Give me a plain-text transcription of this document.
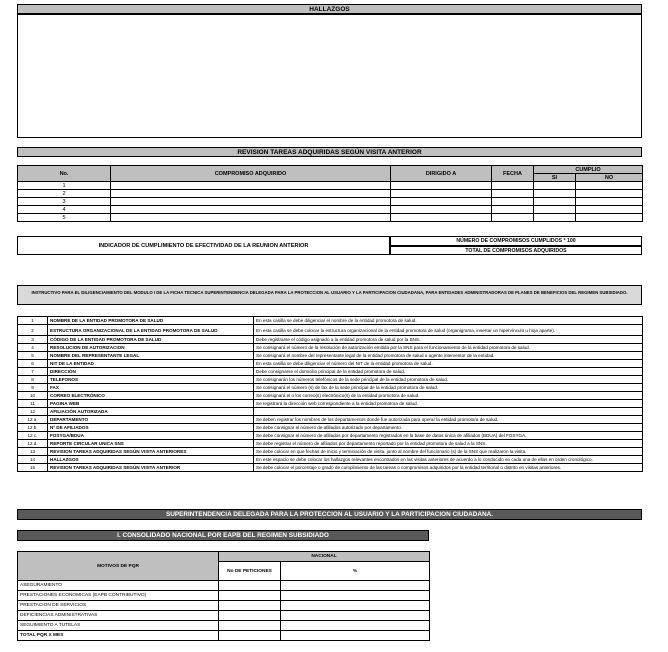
HALLAZGOS
REVISION TAREAS ADQUIRIDAS SEGÚN VISITA ANTERIOR
No.	COMPROMISO ADQUIRIDO	DIRIGIDO A	FECHA	CUMPLIO	
				SI	NO
1					
2					
3					
4					
5					
INDICADOR DE CUMPLIMIENTO DE EFECTIVIDAD DE LA REUNION ANTERIOR
NÚMERO DE COMPROMISOS CUMPLIDOS * 100
TOTAL DE COMPROMISOS ADQUIRIDOS
INSTRUCTIVO PARA EL DILIGENCIAMIENTO DEL MODULO I DE LA FICHA TECNICA SUPERINTENDENCIA DELEGADA PARA LA PROTECCION AL USUARIO Y LA PARTICIPACION CIUDADANA, PARA ENTIDADES ADMINISTRADORAS DE PLANES DE BENEFICIOS DEL REGIMEN SUBSIDIADO.
1	NOMBRE DE LA ENTIDAD PROMOTORA DE SALUD	En esta casilla se debe diligenciar el nombre de la entidad promotora de salud.
2	ESTRUCTURA ORGANIZACIONAL DE LA ENTIDAD PROMOTORA DE SALUD	En esta casilla se debe colocar la estructura organizacional de la entidad promotora de salud (organigrama, insertar un hipervínculo u hoja aparte).
3	CÓDIGO DE LA ENTIDAD PROMOTORA DE SALUD	Debe registrarse el código asignado a la entidad promotora de salud por la SNS.
4	RESOLUCION DE AUTORIZACION	Se consignará el número de la resolución de autorización emitida por la SNS para el funcionamiento de la entidad promotora de salud.
5	NOMBRE DEL REPRESENTANTE LEGAL	Se consignará el nombre del representante legal de la entidad promotora de salud o agente interventor de la entidad.
6	NIT DE LA ENTIDAD	En esta casilla se debe diligenciar el número del NIT de la entidad promotora de salud.
7	DIRECCIÓN	Debe consignarse el domicilio principal de la entidad promotora de salud.
8	TELEFONOS	Se consignarán los números telefónicos de la sede principal de la entidad promotora de salud.
9	FAX	Se consignará el número (s) de fax de la sede principal de la entidad promotora de salud.
10	CORREO ELECTRÓNICO	Se consignará el o los correo(s) electrónico(s) de la entidad promotora de salud.
11	PAGINA WEB	Se registrará la dirección web correspondiente a la entidad promotora de salud.
12	AFILIACIÓN AUTORIZADA	
12 a.	DEPARTAMENTO	Se deben registrar los nombres de los departamentos donde fue autorizada para operar la entidad promotora de salud.
12 b.	Nº DE AFILIADOS	Se debe consignar el número de afiliados autorizado por departamento.
12 c.	FOSYGA/BDUA	Se debe consignar el número de afiliados por departamento registrados en la base de datos única de afiliados (BDUA) del FOSYGA.
12 d.	REPORTE CIRCULAR UNICA SNS	Se debe registrar el número de afiliados por departamento reportado por la entidad promotora de salud a la SNS.
13	REVISION TAREAS ADQUIRIDAS SEGÚN VISITA ANTERIORES	Se debe colocar en que fechas de inicio y terminación de visita, junto al nombre del funcionario (s) de la SNS que realizaron la visita.
14	HALLAZGOS	En este espacio se debe colocar los hallazgos relevantes encontrados en las visitas anteriores de acuerdo a lo conducido en cada una de ellas en orden cronológico.
15	REVISION TAREAS ADQUIRIDAS SEGÚN VISITA ANTERIOR	Se debe colocar el porcentaje o grado de cumplimiento de las tareas o compromisos adquiridos por la entidad territorial o distrito en visitas anteriores.
SUPERINTENDENCIA DELEGADA PARA LA PROTECCION AL USUARIO Y LA PARTICIPACION CIUDADANA.
I. CONSOLIDADO NACIONAL POR EAPB DEL REGIMEN SUBSIDIADO
MOTIVOS DE PQR	NACIONAL	
	No DE PETICIONES	%
ASEGURAMIENTO		
PRESTACIONES ECONOMICAS (EAPB CONTRIBUTIVO)		
PRESTACION DE SERVICIOS		
DEFICIENCIAS ADMINISTRATIVAS		
SEGUIMIENTO A TUTELAS		
TOTAL PQR X MES		
